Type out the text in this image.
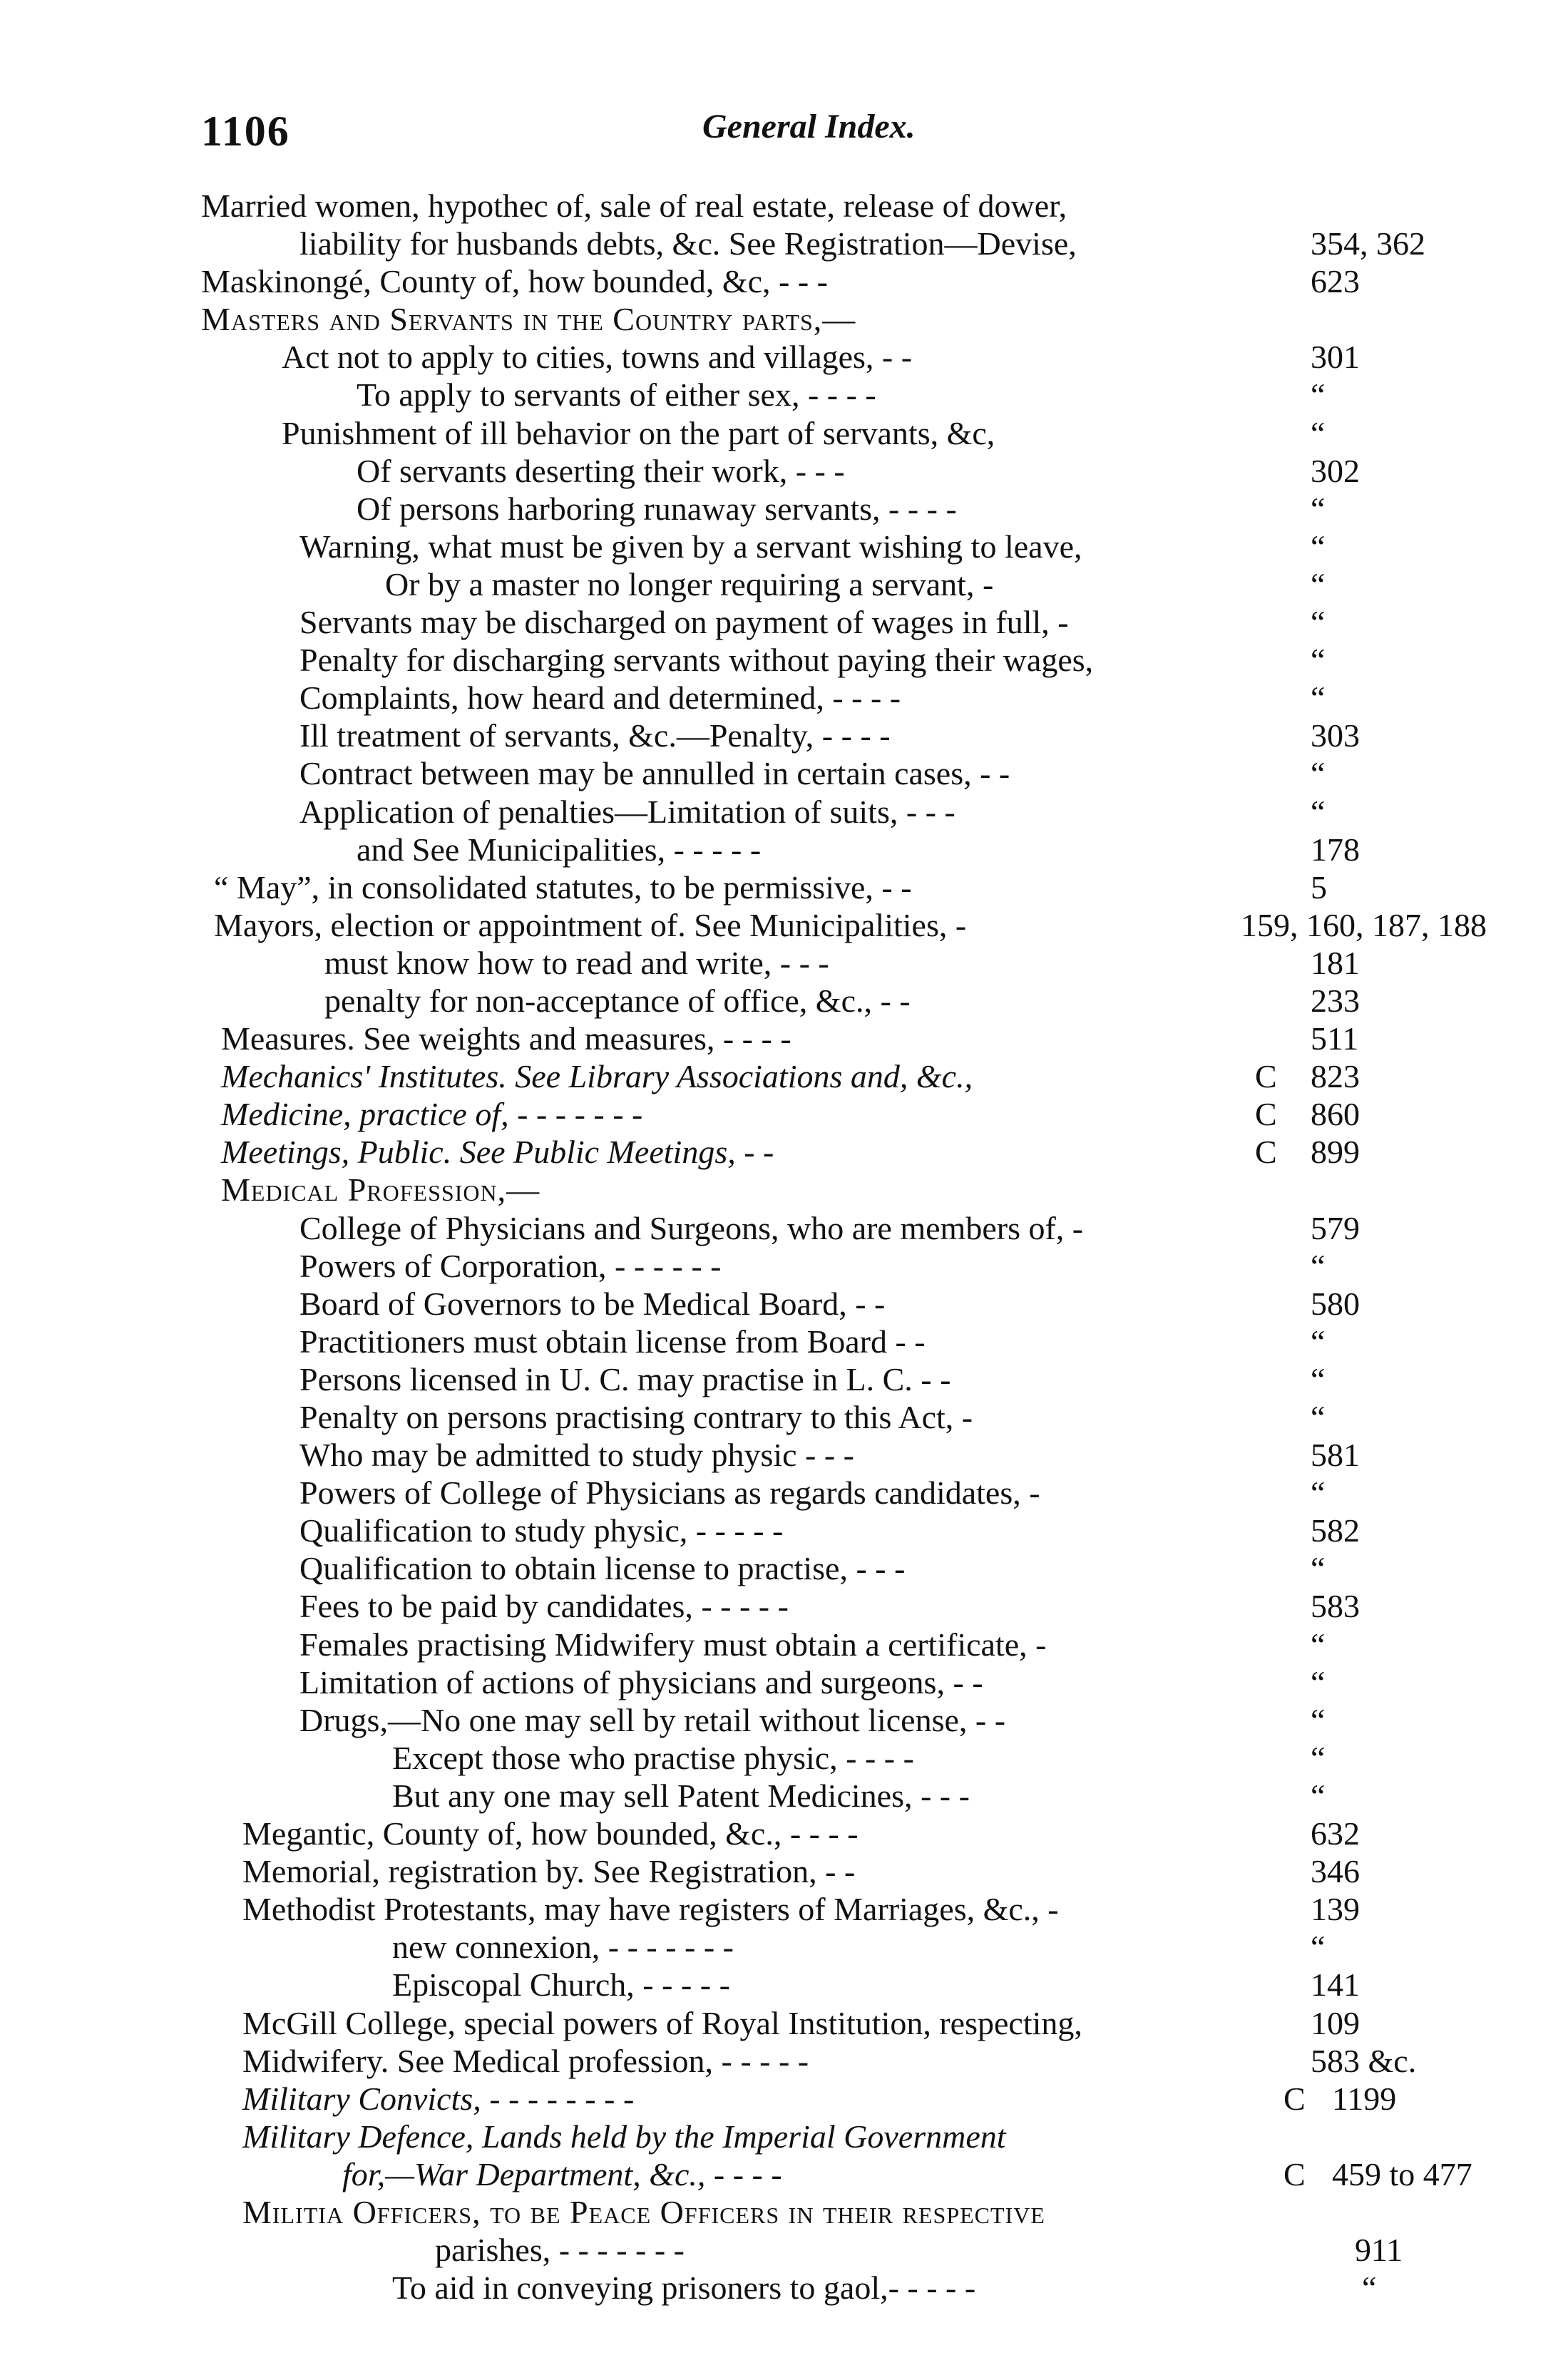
1106	General Index.
Married women, hypothec of, sale of real estate, release of dower,
liability for husbands debts, &c. See Registration—Devise,	354, 362
Maskinongé, County of, how bounded, &c, - - -	623
Masters and Servants in the Country parts,—
Act not to apply to cities, towns and villages, - -	301
To apply to servants of either sex, - - - -	“
Punishment of ill behavior on the part of servants, &c,	“
Of servants deserting their work, - - -	302
Of persons harboring runaway servants, - - - -	“
Warning, what must be given by a servant wishing to leave,	“
Or by a master no longer requiring a servant, -	“
Servants may be discharged on payment of wages in full, -	“
Penalty for discharging servants without paying their wages,	“
Complaints, how heard and determined, - - - -	“
Ill treatment of servants, &c.—Penalty, - - - -	303
Contract between may be annulled in certain cases, - -	“
Application of penalties—Limitation of suits, - - -	“
and See Municipalities, - - - - -	178
“ May”, in consolidated statutes, to be permissive, - -	5
Mayors, election or appointment of. See Municipalities, -	159, 160, 187, 188
must know how to read and write, - - -	181
penalty for non-acceptance of office, &c., - -	233
Measures. See weights and measures, - - - -	511
Mechanics' Institutes. See Library Associations and, &c.,	C 823
Medicine, practice of, - - - - - - -	C 860
Meetings, Public. See Public Meetings, - -	C 899
Medical Profession,—
College of Physicians and Surgeons, who are members of, -	579
Powers of Corporation, - - - - - -	“
Board of Governors to be Medical Board, - -	580
Practitioners must obtain license from Board - -	“
Persons licensed in U. C. may practise in L. C. - -	“
Penalty on persons practising contrary to this Act, -	“
Who may be admitted to study physic - - -	581
Powers of College of Physicians as regards candidates, -	“
Qualification to study physic, - - - - -	582
Qualification to obtain license to practise, - - -	“
Fees to be paid by candidates, - - - - -	583
Females practising Midwifery must obtain a certificate, -	“
Limitation of actions of physicians and surgeons, - -	“
Drugs,—No one may sell by retail without license, - -	“
Except those who practise physic, - - - -	“
But any one may sell Patent Medicines, - - -	“
Megantic, County of, how bounded, &c., - - - -	632
Memorial, registration by. See Registration, - -	346
Methodist Protestants, may have registers of Marriages, &c., -	139
new connexion, - - - - - - -	“
Episcopal Church, - - - - -	141
McGill College, special powers of Royal Institution, respecting,	109
Midwifery. See Medical profession, - - - - -	583 &c.
Military Convicts, - - - - - - - -	C 1199
Military Defence, Lands held by the Imperial Government
for,—War Department, &c., - - - -	C 459 to 477
Militia Officers, to be Peace Officers in their respective
parishes, - - - - - - -	911
To aid in conveying prisoners to gaol,- - - - -	“
